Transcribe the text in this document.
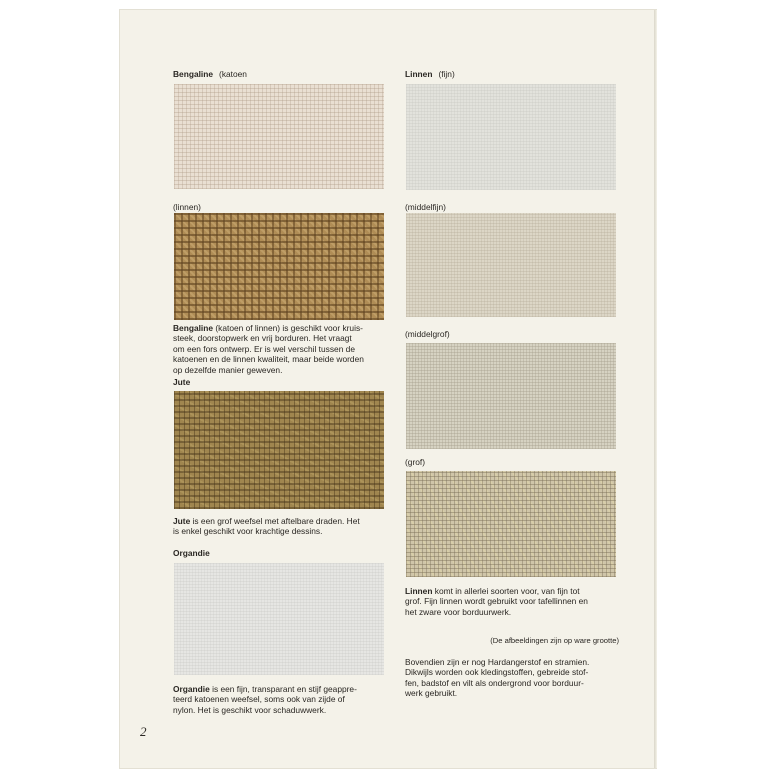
Bengaline (katoen
(linnen)
Bengaline (katoen of linnen) is geschikt voor kruis-
steek, doorstopwerk en vrij borduren. Het vraagt
om een fors ontwerp. Er is wel verschil tussen de
katoenen en de linnen kwaliteit, maar beide worden
op dezelfde manier geweven.
Jute
Jute is een grof weefsel met aftelbare draden. Het
is enkel geschikt voor krachtige dessins.
Organdie
Organdie is een fijn, transparant en stijf geappre-
teerd katoenen weefsel, soms ook van zijde of
nylon. Het is geschikt voor schaduwwerk.
2
Linnen (fijn)
(middelfijn)
(middelgrof)
(grof)
Linnen komt in allerlei soorten voor, van fijn tot
grof. Fijn linnen wordt gebruikt voor tafellinnen en
het zware voor borduurwerk.
(De afbeeldingen zijn op ware grootte)
Bovendien zijn er nog Hardangerstof en stramien.
Dikwijls worden ook kledingstoffen, gebreide stof-
fen, badstof en vilt als ondergrond voor borduur-
werk gebruikt.
